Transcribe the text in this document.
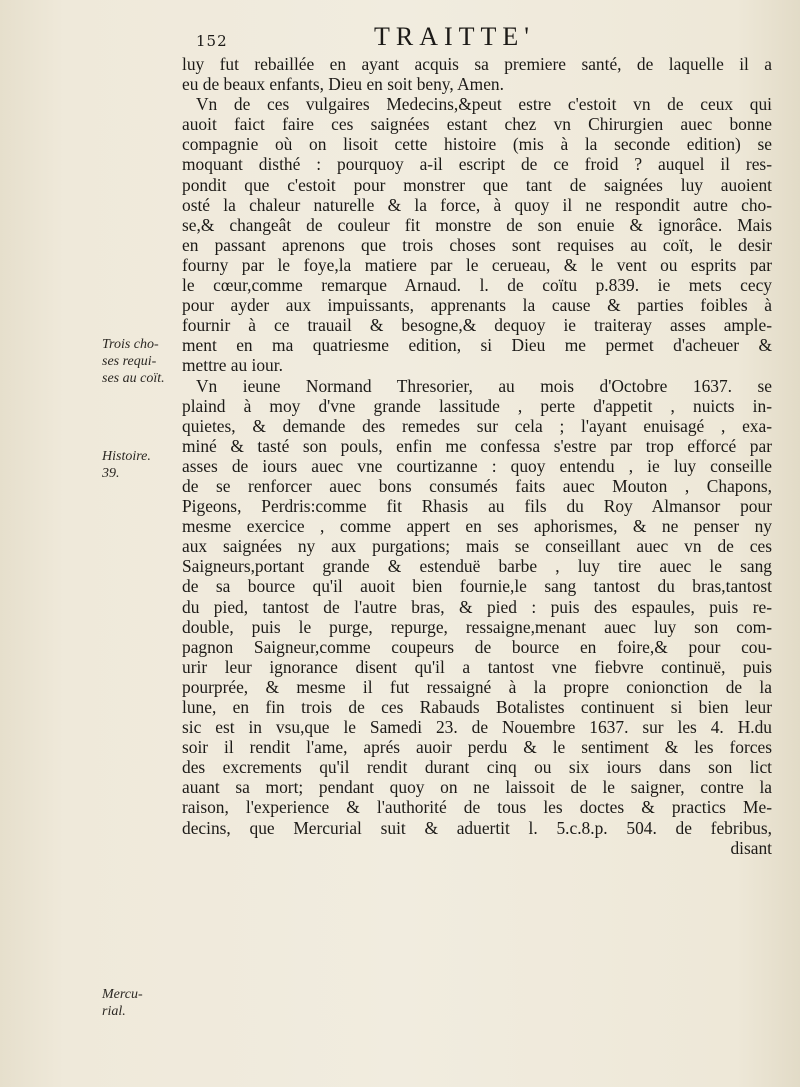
152	TRAITTE'
Trois cho-
ses requi-
ses au coït.
Histoire.
39.
Mercu-
rial.
luy fut rebaillée en ayant acquis sa premiere santé, de laquelle il a
eu de beaux enfants, Dieu en soit beny, Amen.
Vn de ces vulgaires Medecins,&peut estre c'estoit vn de ceux qui
auoit faict faire ces saignées estant chez vn Chirurgien auec bonne
compagnie où on lisoit cette histoire (mis à la seconde edition) se
moquant disthé : pourquoy a-il escript de ce froid ? auquel il res-
pondit que c'estoit pour monstrer que tant de saignées luy auoient
osté la chaleur naturelle & la force, à quoy il ne respondit autre cho-
se,& changeât de couleur fit monstre de son enuie & ignorâce. Mais
en passant aprenons que trois choses sont requises au coït, le desir
fourny par le foye,la matiere par le cerueau, & le vent ou esprits par
le cœur,comme remarque Arnaud. l. de coïtu p.839. ie mets cecy
pour ayder aux impuissants, apprenants la cause & parties foibles à
fournir à ce trauail & besogne,& dequoy ie traiteray asses ample-
ment en ma quatriesme edition, si Dieu me permet d'acheuer &
mettre au iour.
Vn ieune Normand Thresorier, au mois d'Octobre 1637. se
plaind à moy d'vne grande lassitude , perte d'appetit , nuicts in-
quietes, & demande des remedes sur cela ; l'ayant enuisagé , exa-
miné & tasté son pouls, enfin me confessa s'estre par trop efforcé par
asses de iours auec vne courtizanne : quoy entendu , ie luy conseille
de se renforcer auec bons consumés faits auec Mouton , Chapons,
Pigeons, Perdris:comme fit Rhasis au fils du Roy Almansor pour
mesme exercice , comme appert en ses aphorismes, & ne penser ny
aux saignées ny aux purgations; mais se conseillant auec vn de ces
Saigneurs,portant grande & estenduë barbe , luy tire auec le sang
de sa bource qu'il auoit bien fournie,le sang tantost du bras,tantost
du pied, tantost de l'autre bras, & pied : puis des espaules, puis re-
double, puis le purge, repurge, ressaigne,menant auec luy son com-
pagnon Saigneur,comme coupeurs de bource en foire,& pour cou-
urir leur ignorance disent qu'il a tantost vne fiebvre continuë, puis
pourprée, & mesme il fut ressaigné à la propre conionction de la
lune, en fin trois de ces Rabauds Botalistes continuent si bien leur
sic est in vsu,que le Samedi 23. de Nouembre 1637. sur les 4. H.du
soir il rendit l'ame, aprés auoir perdu & le sentiment & les forces
des excrements qu'il rendit durant cinq ou six iours dans son lict
auant sa mort; pendant quoy on ne laissoit de le saigner, contre la
raison, l'experience & l'authorité de tous les doctes & practics Me-
decins, que Mercurial suit & aduertit l. 5.c.8.p. 504. de febribus,
disant
